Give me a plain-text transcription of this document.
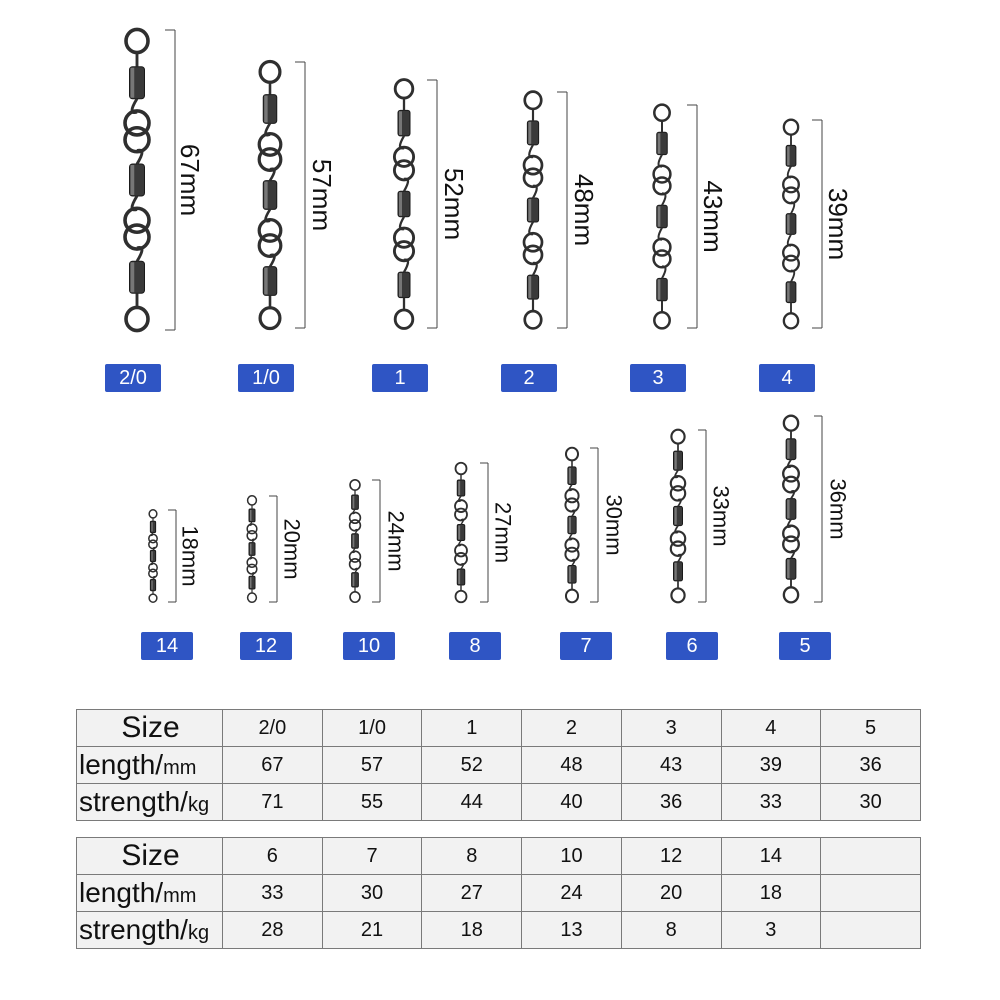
67mm	57mm	52mm	48mm	43mm	39mm
18mm	20mm	24mm	27mm	30mm	33mm	36mm
Size	2/0	1/0	1	2	3	4	5
length/mm	67	57	52	48	43	39	36
strength/kg	71	55	44	40	36	33	30
Size	6	7	8	10	12	14	
length/mm	33	30	27	24	20	18	
strength/kg	28	21	18	13	8	3	
2/0	1/0	1	2	3	4
14	12	10	8	7	6	5
